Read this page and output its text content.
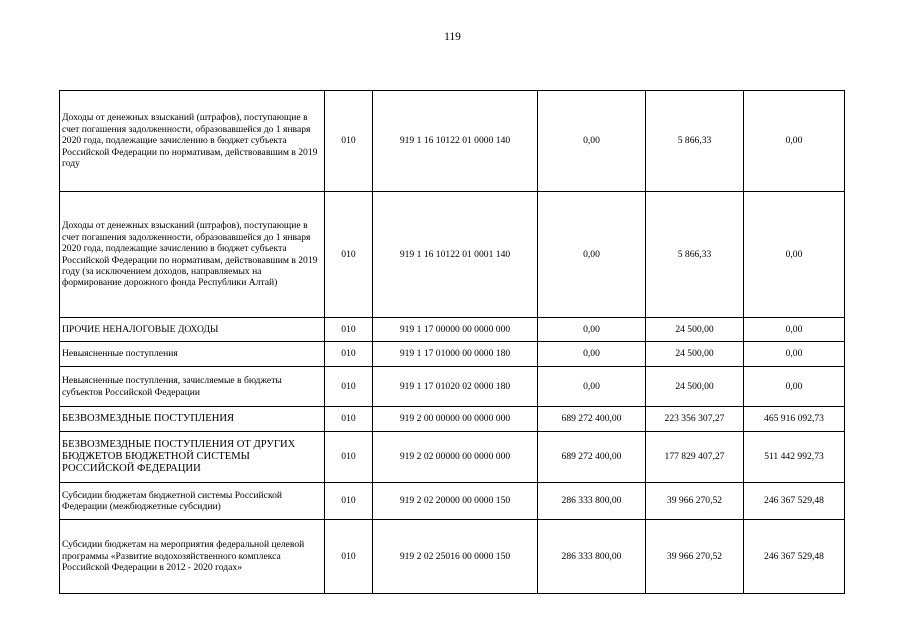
119
Доходы от денежных взысканий (штрафов), поступающие в счет погашения задолженности, образовавшейся до 1 января 2020 года, подлежащие зачислению в бюджет субъекта Российской Федерации по нормативам, действовавшим в 2019 году	010	919 1 16 10122 01 0000 140	0,00	5 866,33	0,00
Доходы от денежных взысканий (штрафов), поступающие в счет погашения задолженности, образовавшейся до 1 января 2020 года, подлежащие зачислению в бюджет субъекта Российской Федерации по нормативам, действовавшим в 2019 году (за исключением доходов, направляемых на формирование дорожного фонда Республики Алтай)	010	919 1 16 10122 01 0001 140	0,00	5 866,33	0,00
ПРОЧИЕ НЕНАЛОГОВЫЕ ДОХОДЫ	010	919 1 17 00000 00 0000 000	0,00	24 500,00	0,00
Невыясненные поступления	010	919 1 17 01000 00 0000 180	0,00	24 500,00	0,00
Невыясненные поступления, зачисляемые в бюджеты субъектов Российской Федерации	010	919 1 17 01020 02 0000 180	0,00	24 500,00	0,00
БЕЗВОЗМЕЗДНЫЕ ПОСТУПЛЕНИЯ	010	919 2 00 00000 00 0000 000	689 272 400,00	223 356 307,27	465 916 092,73
БЕЗВОЗМЕЗДНЫЕ ПОСТУПЛЕНИЯ ОТ ДРУГИХ БЮДЖЕТОВ БЮДЖЕТНОЙ СИСТЕМЫ РОССИЙСКОЙ ФЕДЕРАЦИИ	010	919 2 02 00000 00 0000 000	689 272 400,00	177 829 407,27	511 442 992,73
Субсидии бюджетам бюджетной системы Российской Федерации (межбюджетные субсидии)	010	919 2 02 20000 00 0000 150	286 333 800,00	39 966 270,52	246 367 529,48
Субсидии бюджетам на мероприятия федеральной целевой программы «Развитие водохозяйственного комплекса Российской Федерации в 2012 - 2020 годах»	010	919 2 02 25016 00 0000 150	286 333 800,00	39 966 270,52	246 367 529,48
